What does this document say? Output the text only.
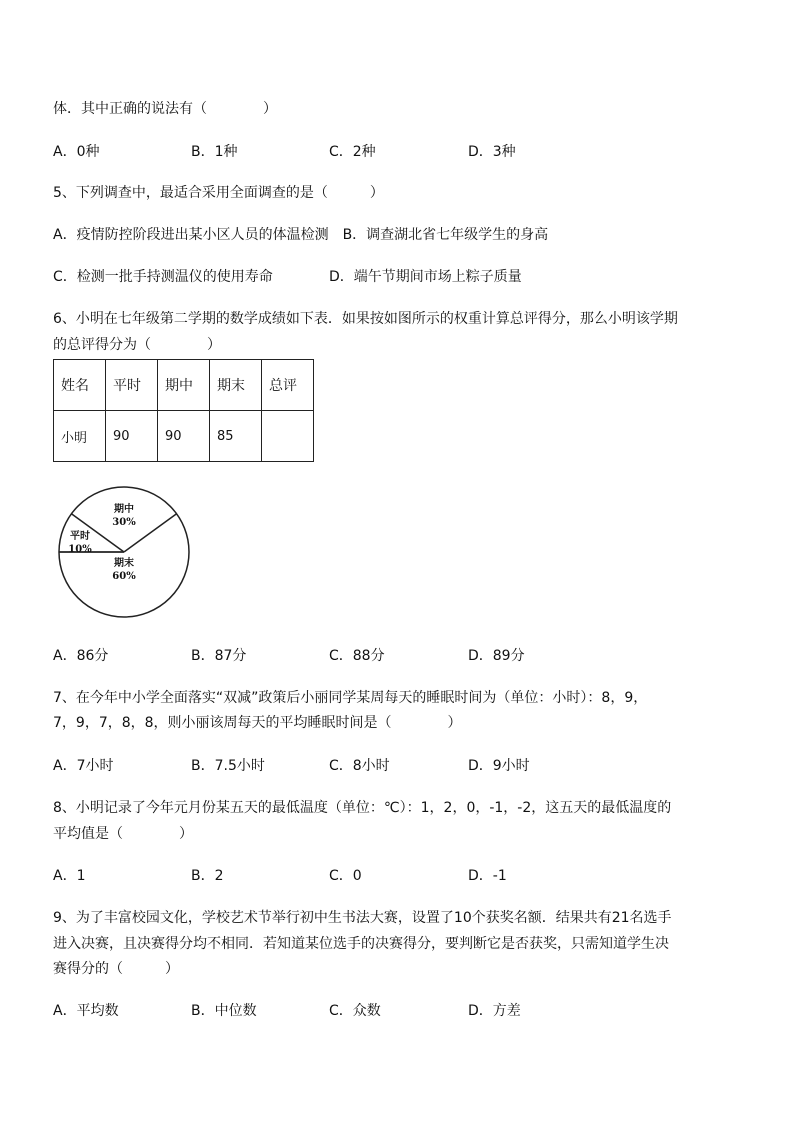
体．其中正确的说法有（　　　　）
A．0种	B．1种	C．2种	D．3种
5、下列调查中，最适合采用全面调查的是（　　　）
A．疫情防控阶段进出某小区人员的体温检测　B．调查湖北省七年级学生的身高
C．检测一批手持测温仪的使用寿命	D．端午节期间市场上粽子质量
6、小明在七年级第二学期的数学成绩如下表．如果按如图所示的权重计算总评得分，那么小明该学期
的总评得分为（　　　　）
姓名	平时	期中	期末	总评
小明	90	90	85	
平时
10%
期中
30%
期末
60%
A．86分	B．87分	C．88分	D．89分
7、在今年中小学全面落实“双减”政策后小丽同学某周每天的睡眠时间为（单位：小时）：8，9，
7，9，7，8，8，则小丽该周每天的平均睡眠时间是（　　　　）
A．7小时	B．7.5小时	C．8小时	D．9小时
8、小明记录了今年元月份某五天的最低温度（单位：℃）：1，2，0，-1，-2，这五天的最低温度的
平均值是（　　　　）
A．1	B．2	C．0	D．-1
9、为了丰富校园文化，学校艺术节举行初中生书法大赛，设置了10个获奖名额．结果共有21名选手
进入决赛，且决赛得分均不相同．若知道某位选手的决赛得分，要判断它是否获奖，只需知道学生决
赛得分的（　　　）
A．平均数	B．中位数	C．众数	D．方差
